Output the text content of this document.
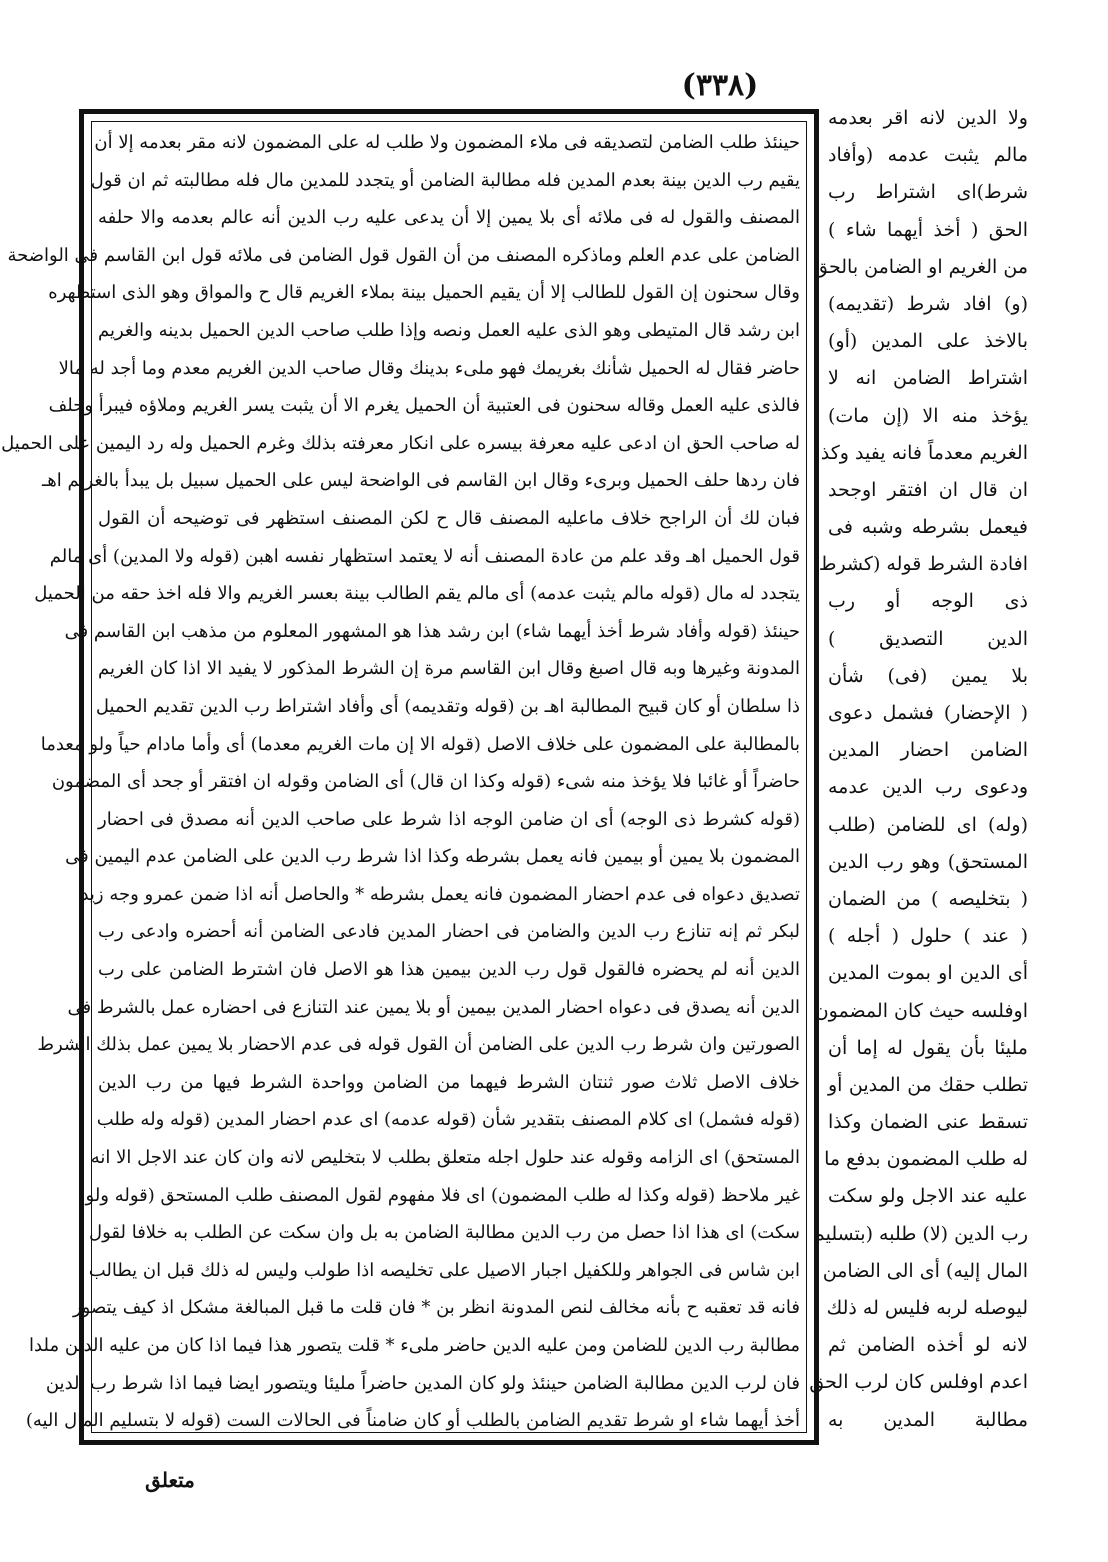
(٣٣٨)
ولا الدين لانه اقر بعدمه
مالم يثبت عدمه (وأفاد
شرط)اى اشتراط رب
الحق ( أخذ أيهما شاء )
من الغريم او الضامن بالحق
(و) افاد شرط (تقديمه)
بالاخذ على المدين (أو)
اشتراط الضامن انه لا
يؤخذ منه الا (إن مات)
الغريم معدماً فانه يفيد وكذا
ان قال ان افتقر اوجحد
فيعمل بشرطه وشبه فى
افادة الشرط قوله (كشرط
ذى الوجه أو رب
الدين التصديق )
بلا يمين (فى) شأن
( الإحضار) فشمل دعوى
الضامن احضار المدين
ودعوى رب الدين عدمه
(وله) اى للضامن (طلب
المستحق) وهو رب الدين
( بتخليصه ) من الضمان
( عند ) حلول ( أجله )
أى الدين او بموت المدين
اوفلسه حيث كان المضمون
مليئا بأن يقول له إما أن
تطلب حقك من المدين أو
تسقط عنى الضمان وكذا
له طلب المضمون بدفع ما
عليه عند الاجل ولو سكت
رب الدين (لا) طلبه (بتسليم
المال إليه) أى الى الضامن
ليوصله لربه فليس له ذلك
لانه لو أخذه الضامن ثم
اعدم اوفلس كان لرب الحق
مطالبة المدين به
حينئذ طلب الضامن لتصديقه فى ملاء المضمون ولا طلب له على المضمون لانه مقر بعدمه إلا أن
يقيم رب الدين بينة بعدم المدين فله مطالبة الضامن أو يتجدد للمدين مال فله مطالبته ثم ان قول
المصنف والقول له فى ملائه أى بلا يمين إلا أن يدعى عليه رب الدين أنه عالم بعدمه والا حلفه
الضامن على عدم العلم وماذكره المصنف من أن القول قول الضامن فى ملائه قول ابن القاسم فى الواضحة
وقال سحنون إن القول للطالب إلا أن يقيم الحميل بينة بملاء الغريم قال ح والمواق وهو الذى استظهره
ابن رشد قال المتيطى وهو الذى عليه العمل ونصه وإذا طلب صاحب الدين الحميل بدينه والغريم
حاضر فقال له الحميل شأنك بغريمك فهو ملىء بدينك وقال صاحب الدين الغريم معدم وما أجد له مالا
فالذى عليه العمل وقاله سحنون فى العتبية أن الحميل يغرم الا أن يثبت يسر الغريم وملاؤه فيبرأ وحلف
له صاحب الحق ان ادعى عليه معرفة بيسره على انكار معرفته بذلك وغرم الحميل وله رد اليمين على الحميل
فان ردها حلف الحميل وبرىء وقال ابن القاسم فى الواضحة ليس على الحميل سبيل بل يبدأ بالغريم اهـ
فبان لك أن الراجح خلاف ماعليه المصنف قال ح لكن المصنف استظهر فى توضيحه أن القول
قول الحميل اهـ وقد علم من عادة المصنف أنه لا يعتمد استظهار نفسه اهبن (قوله ولا المدين) أى مالم
يتجدد له مال (قوله مالم يثبت عدمه) أى مالم يقم الطالب بينة بعسر الغريم والا فله اخذ حقه من الحميل
حينئذ (قوله وأفاد شرط أخذ أيهما شاء) ابن رشد هذا هو المشهور المعلوم من مذهب ابن القاسم فى
المدونة وغيرها وبه قال اصبغ وقال ابن القاسم مرة إن الشرط المذكور لا يفيد الا اذا كان الغريم
ذا سلطان أو كان قبيح المطالبة اهـ بن (قوله وتقديمه) أى وأفاد اشتراط رب الدين تقديم الحميل
بالمطالبة على المضمون على خلاف الاصل (قوله الا إن مات الغريم معدما) أى وأما مادام حياً ولو معدما
حاضراً أو غائبا فلا يؤخذ منه شىء (قوله وكذا ان قال) أى الضامن وقوله ان افتقر أو جحد أى المضمون
(قوله كشرط ذى الوجه) أى ان ضامن الوجه اذا شرط على صاحب الدين أنه مصدق فى احضار
المضمون بلا يمين أو بيمين فانه يعمل بشرطه وكذا اذا شرط رب الدين على الضامن عدم اليمين فى
تصديق دعواه فى عدم احضار المضمون فانه يعمل بشرطه * والحاصل أنه اذا ضمن عمرو وجه زيد
لبكر ثم إنه تنازع رب الدين والضامن فى احضار المدين فادعى الضامن أنه أحضره وادعى رب
الدين أنه لم يحضره فالقول قول رب الدين بيمين هذا هو الاصل فان اشترط الضامن على رب
الدين أنه يصدق فى دعواه احضار المدين بيمين أو بلا يمين عند التنازع فى احضاره عمل بالشرط فى
الصورتين وان شرط رب الدين على الضامن أن القول قوله فى عدم الاحضار بلا يمين عمل بذلك الشرط
خلاف الاصل ثلاث صور ثنتان الشرط فيهما من الضامن وواحدة الشرط فيها من رب الدين
(قوله فشمل) اى كلام المصنف بتقدير شأن (قوله عدمه) اى عدم احضار المدين (قوله وله طلب
المستحق) اى الزامه وقوله عند حلول اجله متعلق بطلب لا بتخليص لانه وان كان عند الاجل الا انه
غير ملاحظ (قوله وكذا له طلب المضمون) اى فلا مفهوم لقول المصنف طلب المستحق (قوله ولو
سكت) اى هذا اذا حصل من رب الدين مطالبة الضامن به بل وان سكت عن الطلب به خلافا لقول
ابن شاس فى الجواهر وللكفيل اجبار الاصيل على تخليصه اذا طولب وليس له ذلك قبل ان يطالب
فانه قد تعقبه ح بأنه مخالف لنص المدونة انظر بن * فان قلت ما قبل المبالغة مشكل اذ كيف يتصور
مطالبة رب الدين للضامن ومن عليه الدين حاضر ملىء * قلت يتصور هذا فيما اذا كان من عليه الدين ملدا
فان لرب الدين مطالبة الضامن حينئذ ولو كان المدين حاضراً مليئا ويتصور ايضا فيما اذا شرط رب الدين
أخذ أيهما شاء او شرط تقديم الضامن بالطلب أو كان ضامناً فى الحالات الست (قوله لا بتسليم المال اليه)
متعلق
